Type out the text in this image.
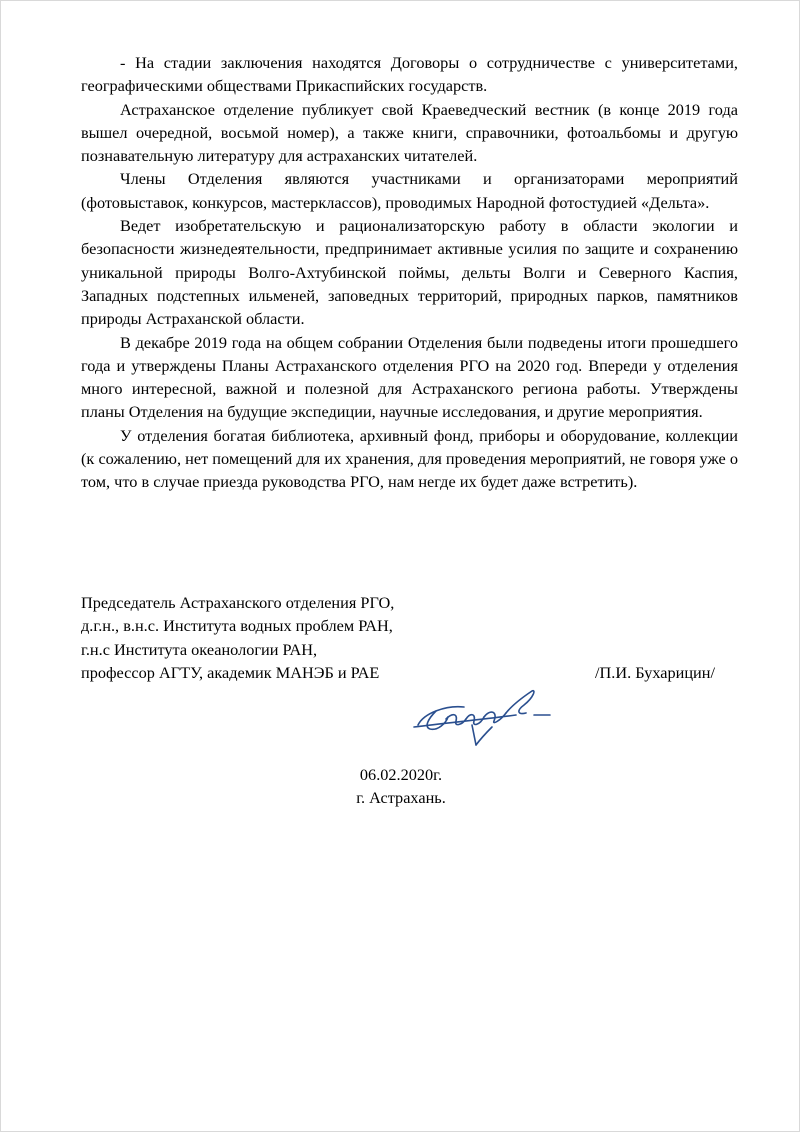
- На стадии заключения находятся Договоры о сотрудничестве с университетами, географическими обществами Прикаспийских государств.

Астраханское отделение публикует свой Краеведческий вестник (в конце 2019 года вышел очередной, восьмой номер), а также книги, справочники, фотоальбомы и другую познавательную литературу для астраханских читателей.

Члены Отделения являются участниками и организаторами мероприятий (фотовыставок, конкурсов, мастерклассов), проводимых Народной фотостудией «Дельта».

Ведет изобретательскую и рационализаторскую работу в области экологии и безопасности жизнедеятельности, предпринимает активные усилия по защите и сохранению уникальной природы Волго-Ахтубинской поймы, дельты Волги и Северного Каспия, Западных подстепных ильменей, заповедных территорий, природных парков, памятников природы Астраханской области.

В декабре 2019 года на общем собрании Отделения были подведены итоги прошедшего года и утверждены Планы Астраханского отделения РГО на 2020 год. Впереди у отделения много интересной, важной и полезной для Астраханского региона работы. Утверждены планы Отделения на будущие экспедиции, научные исследования, и другие мероприятия.

У отделения богатая библиотека, архивный фонд, приборы и оборудование, коллекции (к сожалению, нет помещений для их хранения, для проведения мероприятий, не говоря уже о том, что в случае приезда руководства РГО, нам негде их будет даже встретить).

Председатель Астраханского отделения РГО,
д.г.н., в.н.с. Института водных проблем РАН,
г.н.с Института океанологии РАН,
профессор АГТУ, академик МАНЭБ и РАЕ	/П.И. Бухарицин/
06.02.2020г.
г. Астрахань.
